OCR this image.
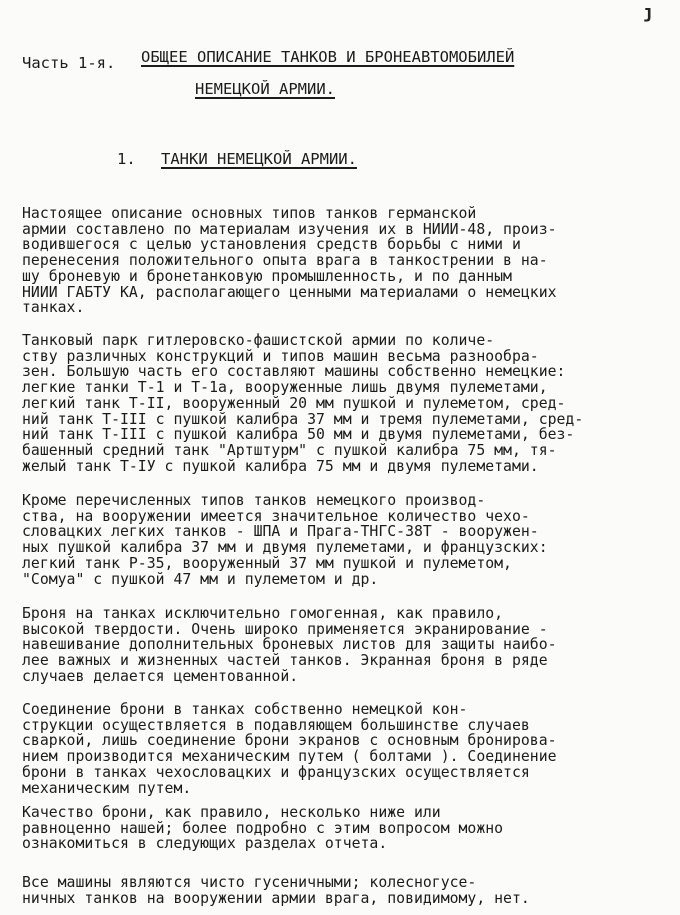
ȷ
Часть 1-я. ОБЩЕЕ ОПИСАНИЕ ТАНКОВ И БРОНЕАВТОМОБИЛЕЙ
НЕМЕЦКОЙ АРМИИ.
1. ТАНКИ НЕМЕЦКОЙ АРМИИ.

Настоящее описание основных типов танков германской
армии составлено по материалам изучения их в НИИИ-48, произ-
водившегося с целью установления средств борьбы с ними и
перенесения положительного опыта врага в танкострении в на-
шу броневую и бронетанковую промышленность, и по данным
НИИИ ГАБТУ КА, располагающего ценными материалами о немецких
танках.

Танковый парк гитлеровско-фашистской армии по количе-
ству различных конструкций и типов машин весьма разнообра-
зен. Большую часть его составляют машины собственно немецкие:
легкие танки Т-1 и Т-1а, вооруженные лишь двумя пулеметами,
легкий танк Т-II, вооруженный 20 мм пушкой и пулеметом, сред-
ний танк Т-III с пушкой калибра 37 мм и тремя пулеметами, сред-
ний танк Т-III с пушкой калибра 50 мм и двумя пулеметами, без-
башенный средний танк "Артштурм" с пушкой калибра 75 мм, тя-
желый танк Т-IУ с пушкой калибра 75 мм и двумя пулеметами.

Кроме перечисленных типов танков немецкого производ-
ства, на вооружении имеется значительное количество чехо-
словацких легких танков - ШПА и Прага-ТНГС-38Т - вооружен-
ных пушкой калибра 37 мм и двумя пулеметами, и французских:
легкий танк Р-35, вооруженный 37 мм пушкой и пулеметом,
"Сомуа" с пушкой 47 мм и пулеметом и др.

Броня на танках исключительно гомогенная, как правило,
высокой твердости. Очень широко применяется экранирование -
навешивание дополнительных броневых листов для защиты наибо-
лее важных и жизненных частей танков. Экранная броня в ряде
случаев делается цементованной.

Соединение брони в танках собственно немецкой кон-
струкции осуществляется в подавляющем большинстве случаев
сваркой, лишь соединение брони экранов с основным бронирова-
нием производится механическим путем ( болтами ). Соединение
брони в танках чехословацких и французских осуществляется
механическим путем.

Качество брони, как правило, несколько ниже или
равноценно нашей; более подробно с этим вопросом можно
ознакомиться в следующих разделах отчета.

Все машины являются чисто гусеничными; колесногусе-
ничных танков на вооружении армии врага, повидимому, нет.
